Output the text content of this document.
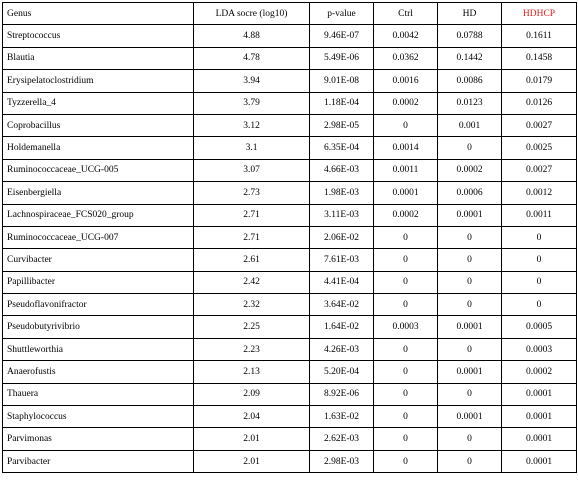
Genus	LDA socre (log10)	p-value	Ctrl	HD	HDHCP
Streptococcus	4.88	9.46E-07	0.0042	0.0788	0.1611
Blautia	4.78	5.49E-06	0.0362	0.1442	0.1458
Erysipelatoclostridium	3.94	9.01E-08	0.0016	0.0086	0.0179
Tyzzerella_4	3.79	1.18E-04	0.0002	0.0123	0.0126
Coprobacillus	3.12	2.98E-05	0	0.001	0.0027
Holdemanella	3.1	6.35E-04	0.0014	0	0.0025
Ruminococcaceae_UCG-005	3.07	4.66E-03	0.0011	0.0002	0.0027
Eisenbergiella	2.73	1.98E-03	0.0001	0.0006	0.0012
Lachnospiraceae_FCS020_group	2.71	3.11E-03	0.0002	0.0001	0.0011
Ruminococcaceae_UCG-007	2.71	2.06E-02	0	0	0
Curvibacter	2.61	7.61E-03	0	0	0
Papillibacter	2.42	4.41E-04	0	0	0
Pseudoflavonifractor	2.32	3.64E-02	0	0	0
Pseudobutyrivibrio	2.25	1.64E-02	0.0003	0.0001	0.0005
Shuttleworthia	2.23	4.26E-03	0	0	0.0003
Anaerofustis	2.13	5.20E-04	0	0.0001	0.0002
Thauera	2.09	8.92E-06	0	0	0.0001
Staphylococcus	2.04	1.63E-02	0	0.0001	0.0001
Parvimonas	2.01	2.62E-03	0	0	0.0001
Parvibacter	2.01	2.98E-03	0	0	0.0001
